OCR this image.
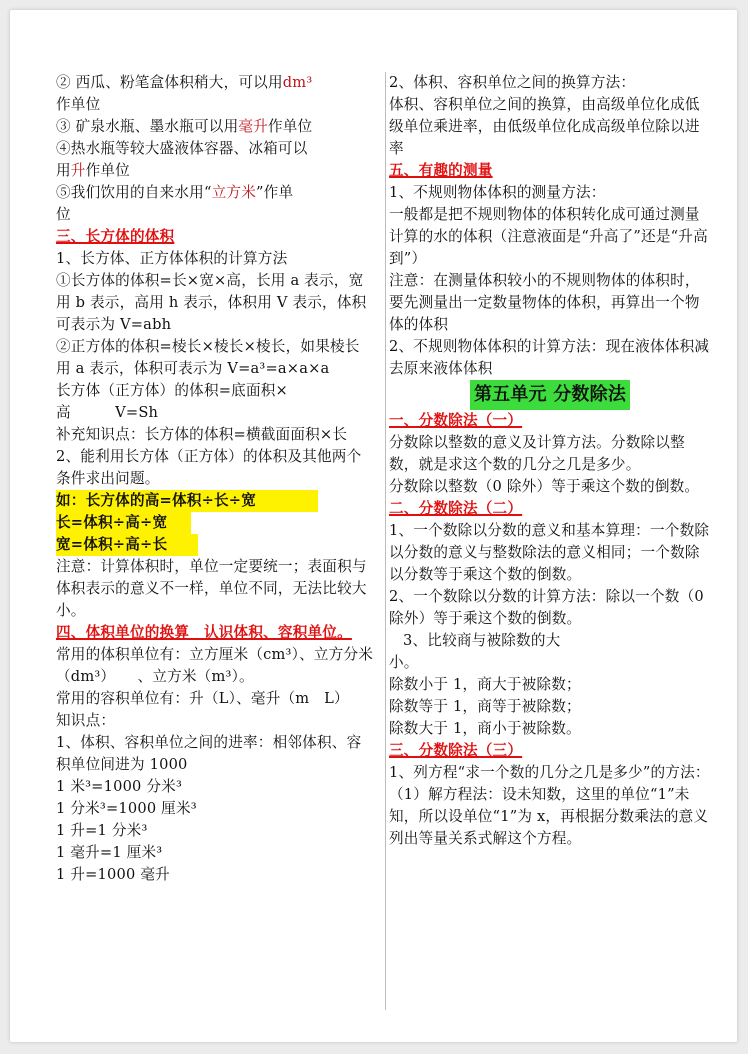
② 西瓜、粉笔盒体积稍大，可以用dm³

作单位

③ 矿泉水瓶、墨水瓶可以用毫升作单位

④热水瓶等较大盛液体容器、冰箱可以

用升作单位

⑤我们饮用的自来水用“立方米”作单

位

三、长方体的体积

1、长方体、正方体体积的计算方法

①长方体的体积=长×宽×高，长用 a 表示，宽用 b 表示，高用 h 表示，体积用 V 表示，体积可表示为 V=abh

②正方体的体积=棱长×棱长×棱长，如果棱长用 a 表示，体积可表示为 V=a³=a×a×a

长方体（正方体）的体积=底面积×

高　　　V=Sh

补充知识点：长方体的体积=横截面面积×长

2、能利用长方体（正方体）的体积及其他两个条件求出问题。

如：长方体的高=体积÷长÷宽

长=体积÷高÷宽

宽=体积÷高÷长

注意：计算体积时，单位一定要统一；表面积与体积表示的意义不一样，单位不同，无法比较大小。

四、体积单位的换算　认识体积、容积单位。

常用的体积单位有：立方厘米（cm³）、立方分米（dm³）　　、立方米（m³）。

常用的容积单位有：升（L）、毫升（m　L）

知识点：

1、体积、容积单位之间的进率：相邻体积、容积单位间进为 1000

1 米³=1000 分米³

1 分米³=1000 厘米³

1 升=1 分米³

1 毫升=1 厘米³

1 升=1000 毫升

2、体积、容积单位之间的换算方法：

体积、容积单位之间的换算，由高级单位化成低级单位乘进率，由低级单位化成高级单位除以进率

五、有趣的测量

1、不规则物体体积的测量方法：

一般都是把不规则物体的体积转化成可通过测量计算的水的体积（注意液面是“升高了”还是“升高到”）

注意：在测量体积较小的不规则物体的体积时，要先测量出一定数量物体的体积，再算出一个物体的体积

2、不规则物体体积的计算方法：现在液体体积减去原来液体体积

第五单元 分数除法

一、分数除法（一）

分数除以整数的意义及计算方法。分数除以整数，就是求这个数的几分之几是多少。

分数除以整数（0 除外）等于乘这个数的倒数。

二、分数除法（二）

1、一个数除以分数的意义和基本算理：一个数除以分数的意义与整数除法的意义相同；一个数除以分数等于乘这个数的倒数。

2、一个数除以分数的计算方法：除以一个数（0 除外）等于乘这个数的倒数。

3、比较商与被除数的大

小。

除数小于 1，商大于被除数；

除数等于 1，商等于被除数；

除数大于 1，商小于被除数。

三、分数除法（三）

1、列方程“求一个数的几分之几是多少”的方法：

（1）解方程法：设未知数，这里的单位“1”未知，所以设单位“1”为 x，再根据分数乘法的意义列出等量关系式解这个方程。
